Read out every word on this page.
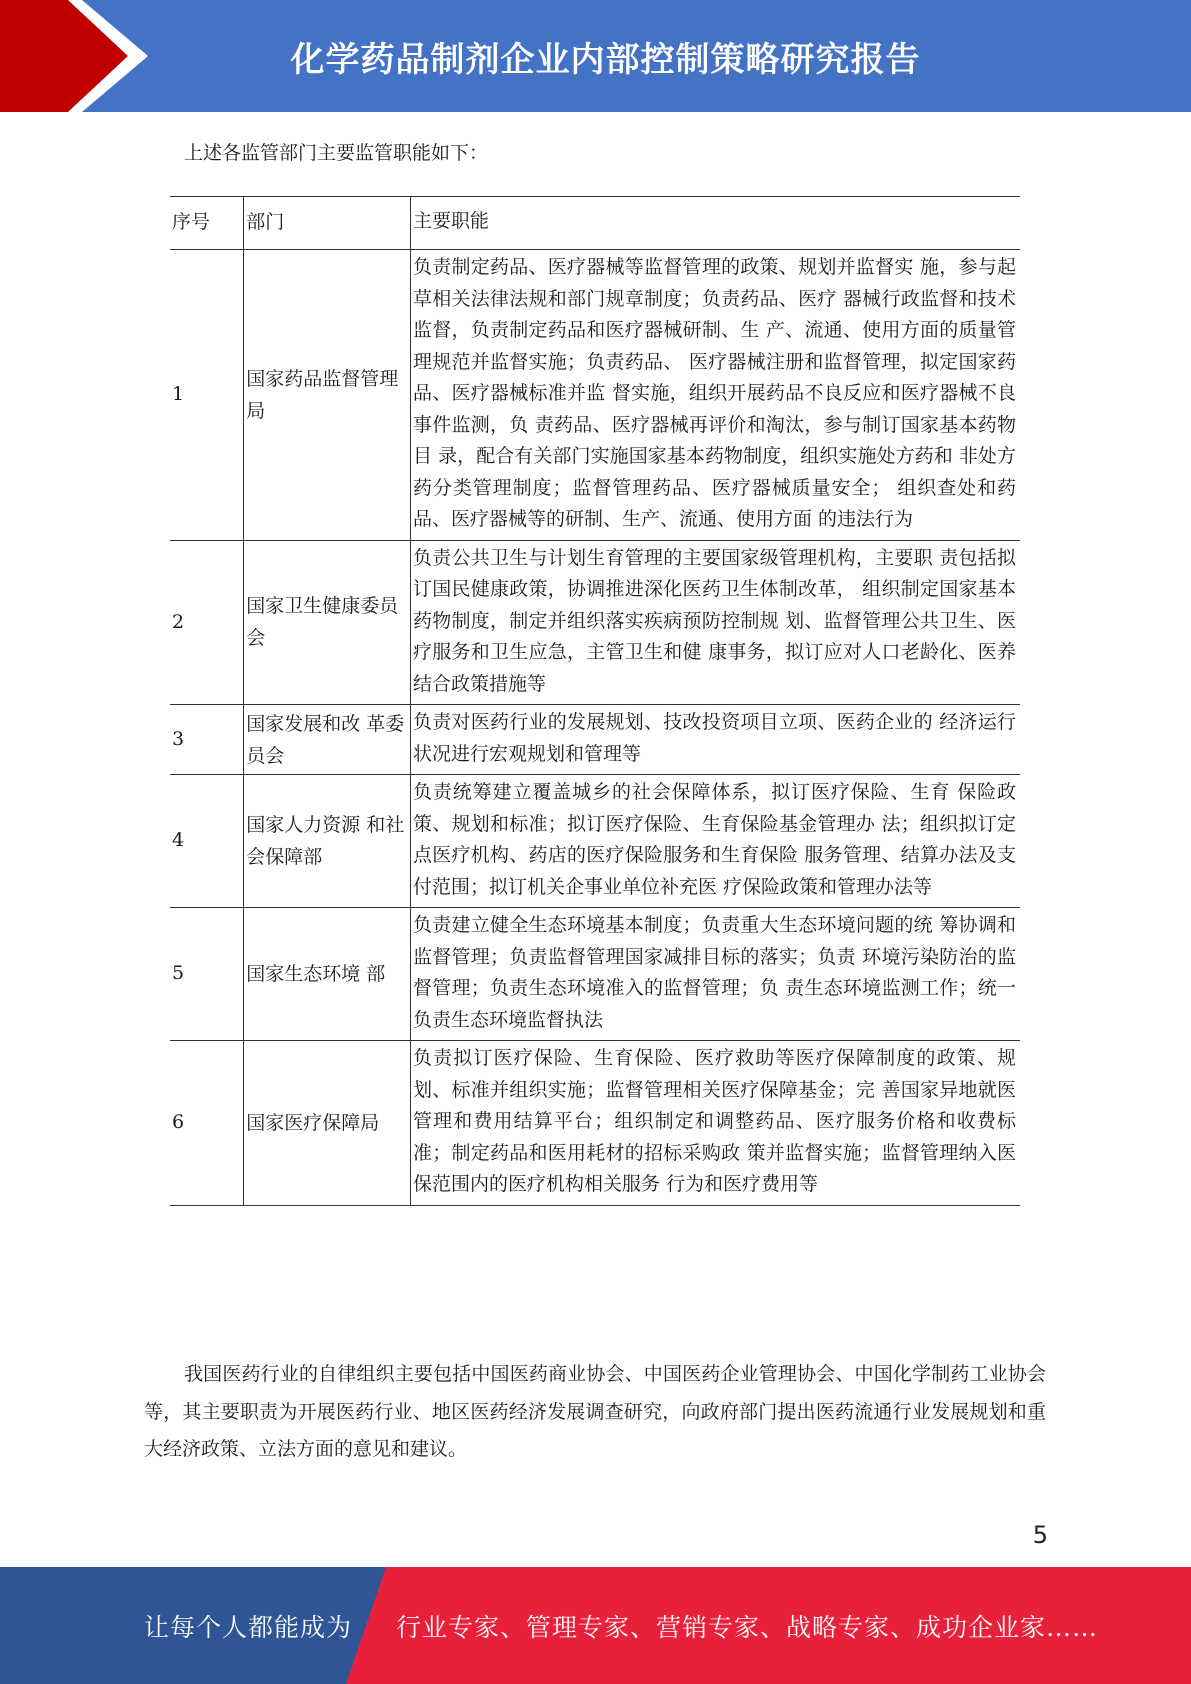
化学药品制剂企业内部控制策略研究报告
上述各监管部门主要监管职能如下：
序号	部门	主要职能
1	国家药品监督管理局	负责制定药品、医疗器械等监督管理的政策、规划并监督实 施，参与起草相关法律法规和部门规章制度；负责药品、医疗 器械行政监督和技术监督，负责制定药品和医疗器械研制、生 产、流通、使用方面的质量管理规范并监督实施；负责药品、 医疗器械注册和监督管理，拟定国家药品、医疗器械标准并监 督实施，组织开展药品不良反应和医疗器械不良事件监测，负 责药品、医疗器械再评价和淘汰，参与制订国家基本药物目 录，配合有关部门实施国家基本药物制度，组织实施处方药和 非处方药分类管理制度；监督管理药品、医疗器械质量安全； 组织查处和药品、医疗器械等的研制、生产、流通、使用方面 的违法行为
2	国家卫生健康委员会	负责公共卫生与计划生育管理的主要国家级管理机构，主要职 责包括拟订国民健康政策，协调推进深化医药卫生体制改革， 组织制定国家基本药物制度，制定并组织落实疾病预防控制规 划、监督管理公共卫生、医疗服务和卫生应急，主管卫生和健 康事务，拟订应对人口老龄化、医养结合政策措施等
3	国家发展和改 革委员会	负责对医药行业的发展规划、技改投资项目立项、医药企业的 经济运行状况进行宏观规划和管理等
4	国家人力资源 和社会保障部	负责统筹建立覆盖城乡的社会保障体系，拟订医疗保险、生育 保险政策、规划和标准；拟订医疗保险、生育保险基金管理办 法；组织拟订定点医疗机构、药店的医疗保险服务和生育保险 服务管理、结算办法及支付范围；拟订机关企事业单位补充医 疗保险政策和管理办法等
5	国家生态环境 部	负责建立健全生态环境基本制度；负责重大生态环境问题的统 筹协调和监督管理；负责监督管理国家减排目标的落实；负责 环境污染防治的监督管理；负责生态环境准入的监督管理；负 责生态环境监测工作；统一负责生态环境监督执法
6	国家医疗保障局	负责拟订医疗保险、生育保险、医疗救助等医疗保障制度的政策、规划、标准并组织实施；监督管理相关医疗保障基金；完 善国家异地就医管理和费用结算平台；组织制定和调整药品、医疗服务价格和收费标准；制定药品和医用耗材的招标采购政 策并监督实施；监督管理纳入医保范围内的医疗机构相关服务 行为和医疗费用等
我国医药行业的自律组织主要包括中国医药商业协会、中国医药企业管理协会、中国化学制药工业协会等，其主要职责为开展医药行业、地区医药经济发展调查研究，向政府部门提出医药流通行业发展规划和重大经济政策、立法方面的意见和建议。
5
让每个人都能成为 行业专家、管理专家、营销专家、战略专家、成功企业家……
